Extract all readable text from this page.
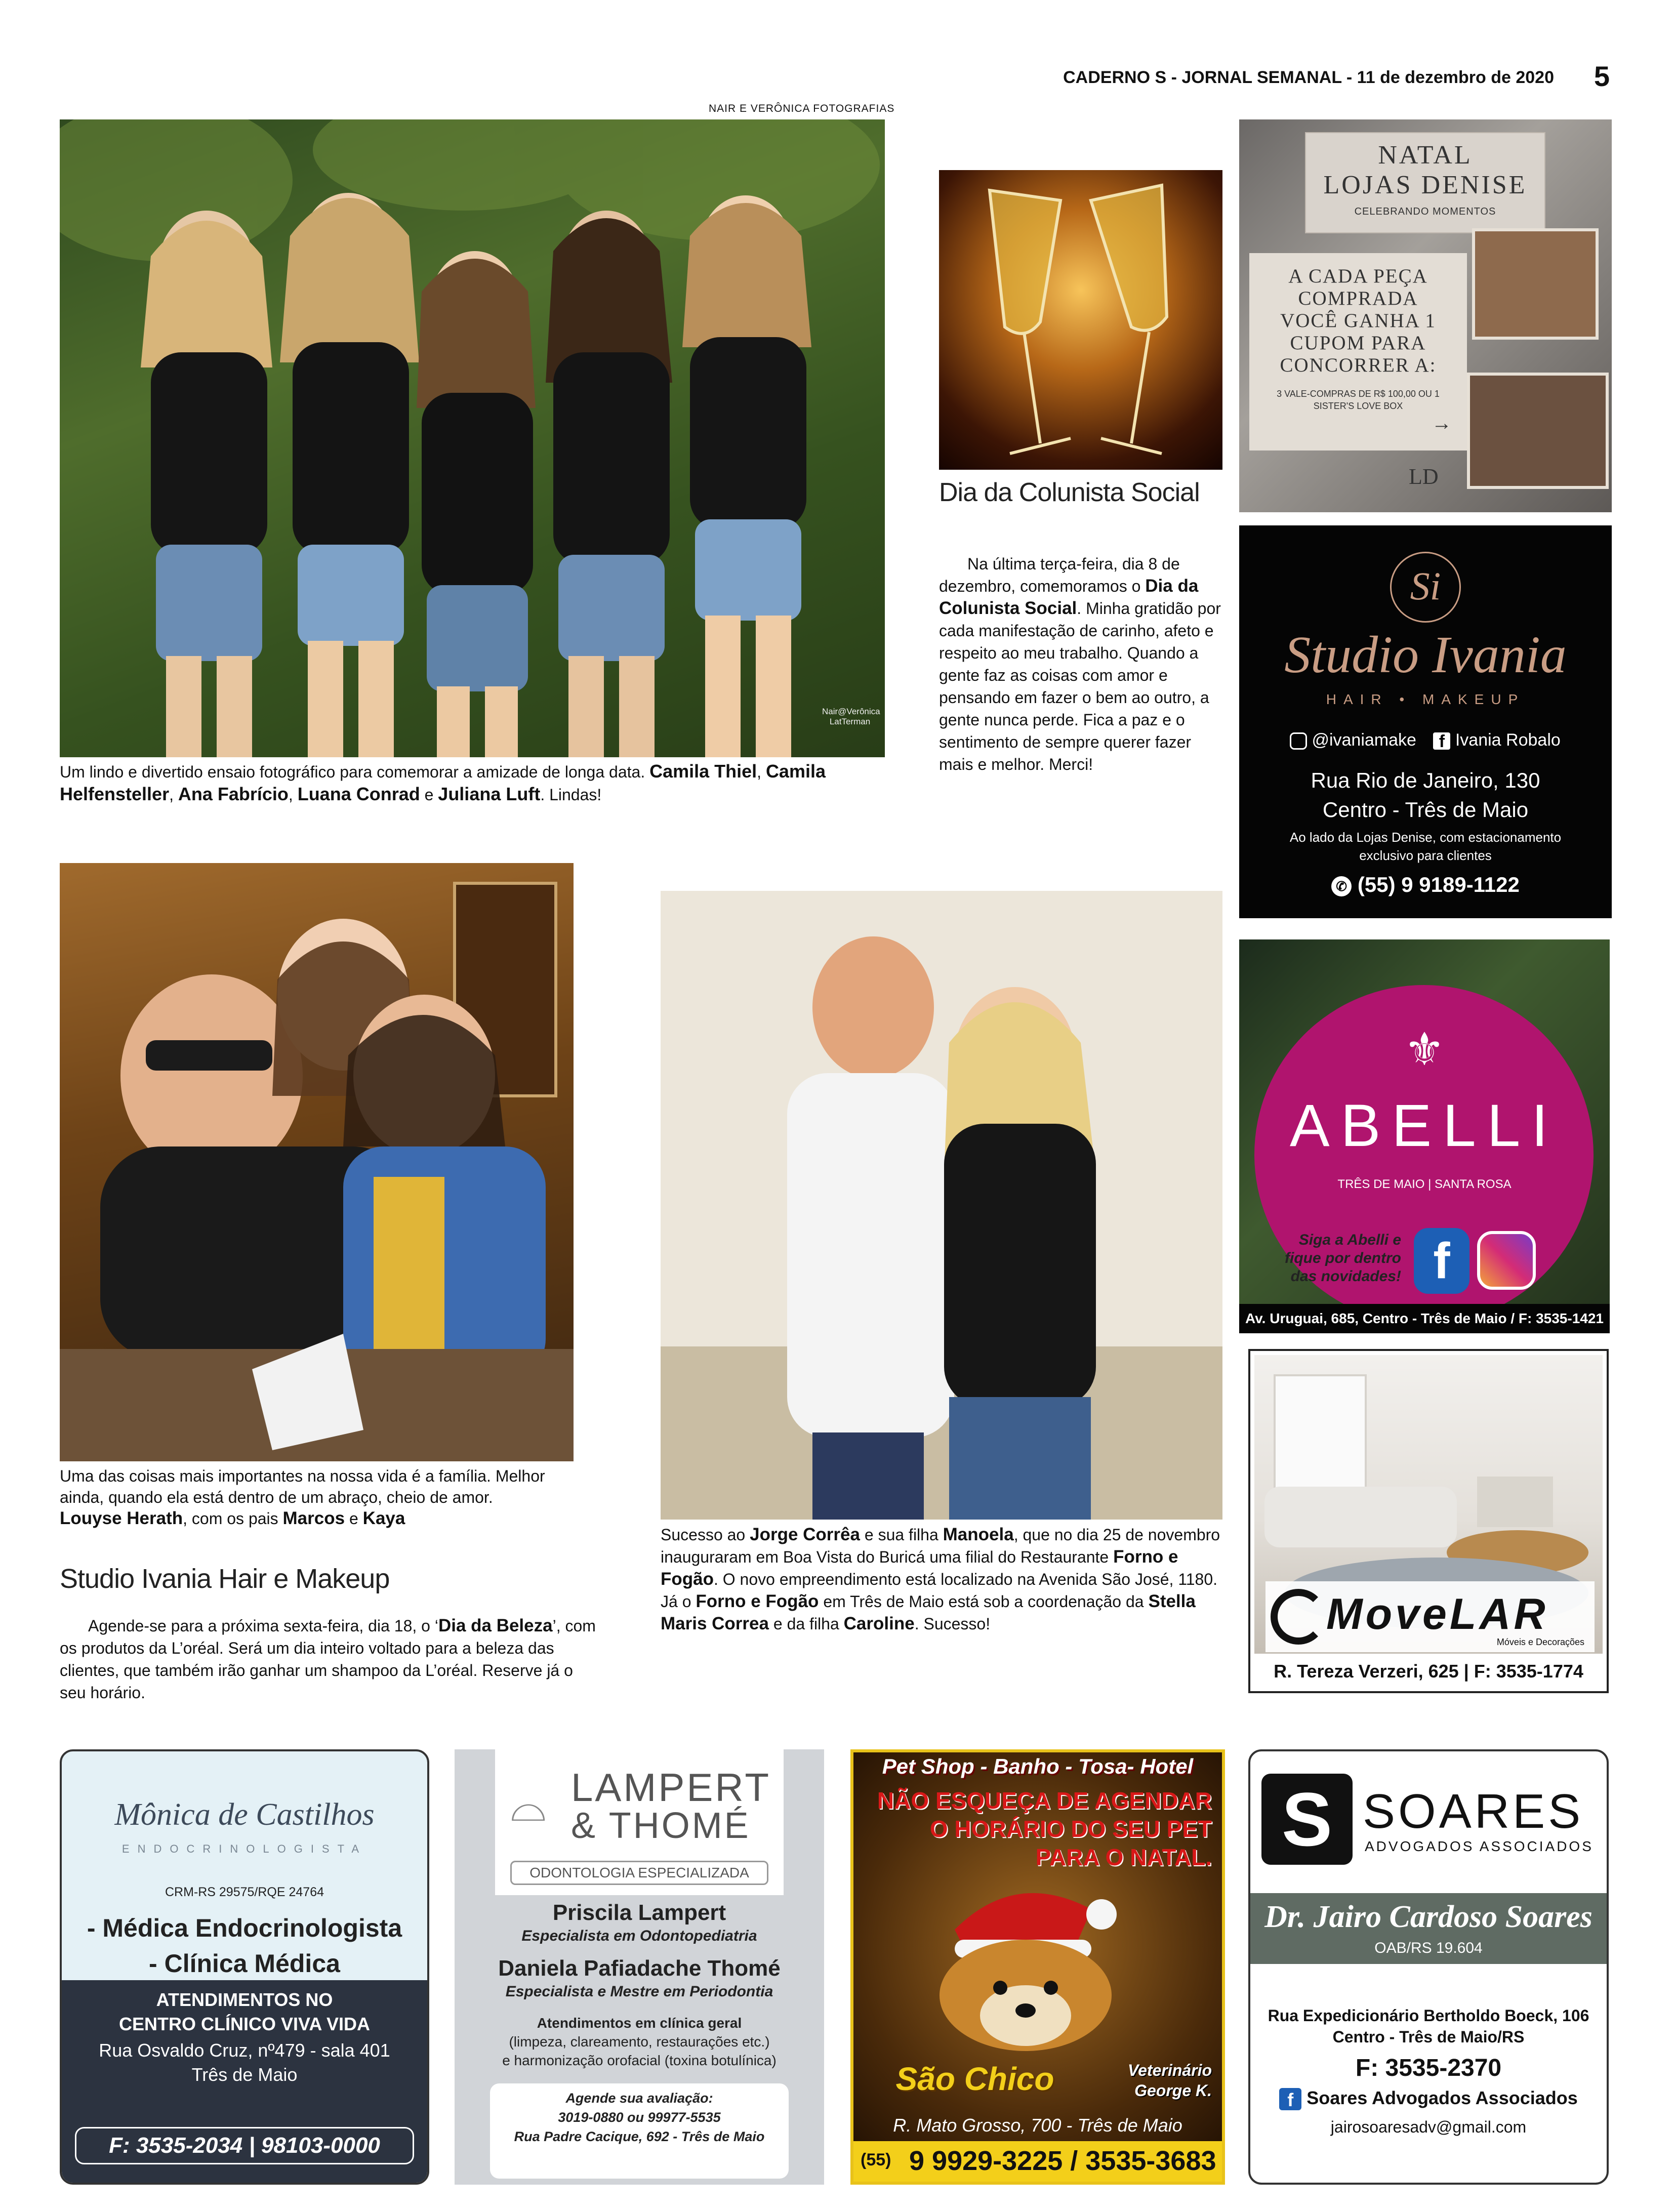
CADERNO S - JORNAL SEMANAL - 11 de dezembro de 2020 5
NAIR E VERÔNICA FOTOGRAFIAS
Nair@Verônica LatTerman
Um lindo e divertido ensaio fotográfico para comemorar a amizade de longa data. Camila Thiel, Camila Helfensteller, Ana Fabrício, Luana Conrad e Juliana Luft. Lindas!
Dia da Colunista Social
Na última terça-feira, dia 8 de dezembro, comemoramos o Dia da Colunista Social. Minha gratidão por cada manifestação de carinho, afeto e respeito ao meu trabalho. Quando a gente faz as coisas com amor e pensando em fazer o bem ao outro, a gente nunca perde. Fica a paz e o sentimento de sempre querer fazer mais e melhor. Merci!
NATAL
LOJAS DENISE
CELEBRANDO MOMENTOS
A CADA PEÇA COMPRADA VOCÊ GANHA 1 CUPOM PARA CONCORRER A:
3 VALE-COMPRAS DE R$ 100,00 OU 1 SISTER'S LOVE BOX
→
LD
Si
Studio Ivania
HAIR • MAKEUP
@ivaniamake f Ivania Robalo
Rua Rio de Janeiro, 130
Centro - Três de Maio
Ao lado da Lojas Denise, com estacionamento exclusivo para clientes
✆ (55) 9 9189-1122
⚜
ABELLI
TRÊS DE MAIO | SANTA ROSA
Siga a Abelli e fique por dentro das novidades! f
Av. Uruguai, 685, Centro - Três de Maio / F: 3535-1421
Uma das coisas mais importantes na nossa vida é a família. Melhor ainda, quando ela está dentro de um abraço, cheio de amor.
Louyse Herath, com os pais Marcos e Kaya
Studio Ivania Hair e Makeup
Agende-se para a próxima sexta-feira, dia 18, o ‘Dia da Beleza’, com os produtos da L’oréal. Será um dia inteiro voltado para a beleza das clientes, que também irão ganhar um shampoo da L’oréal. Reserve já o seu horário.
Sucesso ao Jorge Corrêa e sua filha Manoela, que no dia 25 de novembro inauguraram em Boa Vista do Buricá uma filial do Restaurante Forno e Fogão. O novo empreendimento está localizado na Avenida São José, 1180. Já o Forno e Fogão em Três de Maio está sob a coordenação da Stella Maris Correa e da filha Caroline. Sucesso!	MoveLAR
Móveis e Decorações
R. Tereza Verzeri, 625 | F: 3535-1774
Mônica de Castilhos
ENDOCRINOLOGISTA
CRM-RS 29575/RQE 24764
- Médica Endocrinologista
- Clínica Médica
ATENDIMENTOS NO
CENTRO CLÍNICO VIVA VIDA
Rua Osvaldo Cruz, nº479 - sala 401
Três de Maio
F: 3535-2034 | 98103-0000
⌓ LAMPERT
& THOMÉ
ODONTOLOGIA ESPECIALIZADA
Priscila Lampert
Especialista em Odontopediatria
Daniela Pafiadache Thomé
Especialista e Mestre em Periodontia
Atendimentos em clínica geral
(limpeza, clareamento, restaurações etc.)
e harmonização orofacial (toxina botulínica)
Agende sua avaliação:
3019-0880 ou 99977-5535
Rua Padre Cacique, 692 - Três de Maio
Pet Shop - Banho - Tosa- Hotel
NÃO ESQUEÇA DE AGENDAR
O HORÁRIO DO SEU PET
PARA O NATAL.
São Chico	Veterinário
George K.
R. Mato Grosso, 700 - Três de Maio
(55) 9 9929-3225 / 3535-3683
S SOARES
ADVOGADOS ASSOCIADOS
Dr. Jairo Cardoso Soares
OAB/RS 19.604
Rua Expedicionário Bertholdo Boeck, 106
Centro - Três de Maio/RS
F: 3535-2370
f Soares Advogados Associados
jairosoaresadv@gmail.com
